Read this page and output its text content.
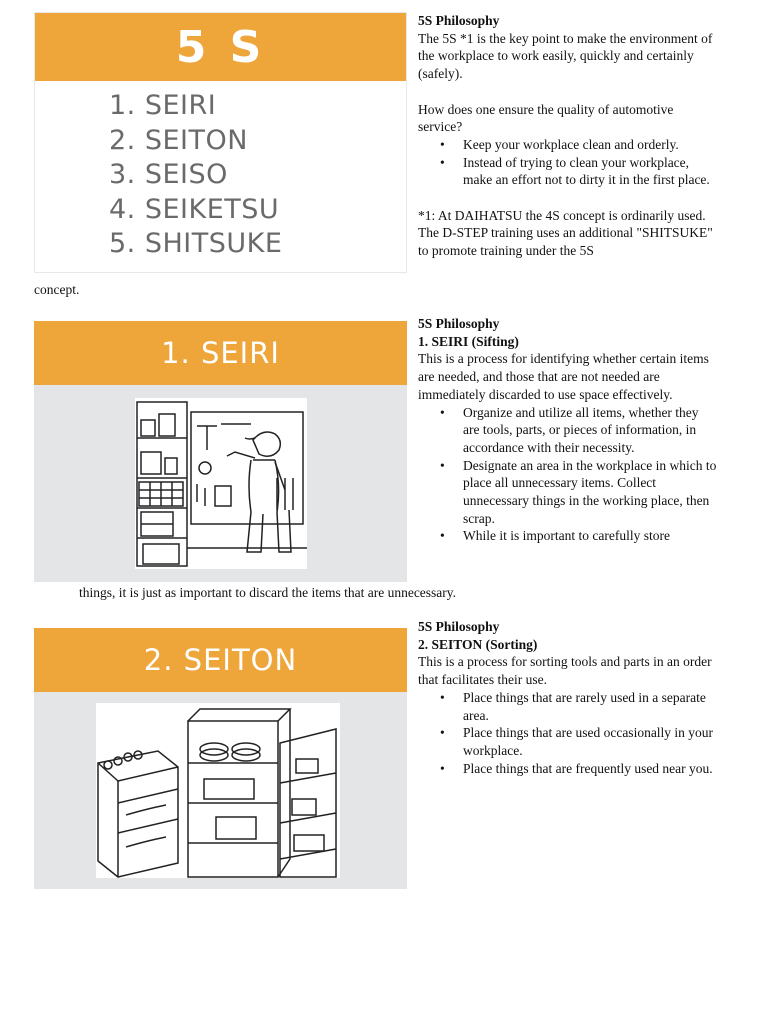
5 S
1. SEIRI
2. SEITON
3. SEISO
4. SEIKETSU
5. SHITSUKE
1. SEIRI
2. SEITON

5S Philosophy

The 5S *1 is the key point to make the environment of the workplace to work easily, quickly and certainly (safely).

How does one ensure the quality of automotive service?

• Keep your workplace clean and orderly.
• Instead of trying to clean your workplace, make an effort not to dirty it in the first place.

*1: At DAIHATSU the 4S concept is ordinarily used. The D-STEP training uses an additional "SHITSUKE" to promote training under the 5S

concept.

5S Philosophy

1. SEIRI (Sifting)

This is a process for identifying whether certain items are needed, and those that are not needed are immediately discarded to use space effectively.

• Organize and utilize all items, whether they are tools, parts, or pieces of information, in accordance with their necessity.
• Designate an area in the workplace in which to place all unnecessary items. Collect unnecessary things in the working place, then scrap.
• While it is important to carefully store
things, it is just as important to discard the items that are unnecessary.

5S Philosophy

2. SEITON (Sorting)

This is a process for sorting tools and parts in an order that facilitates their use.

• Place things that are rarely used in a separate area.
• Place things that are used occasionally in your workplace.
• Place things that are frequently used near you.
